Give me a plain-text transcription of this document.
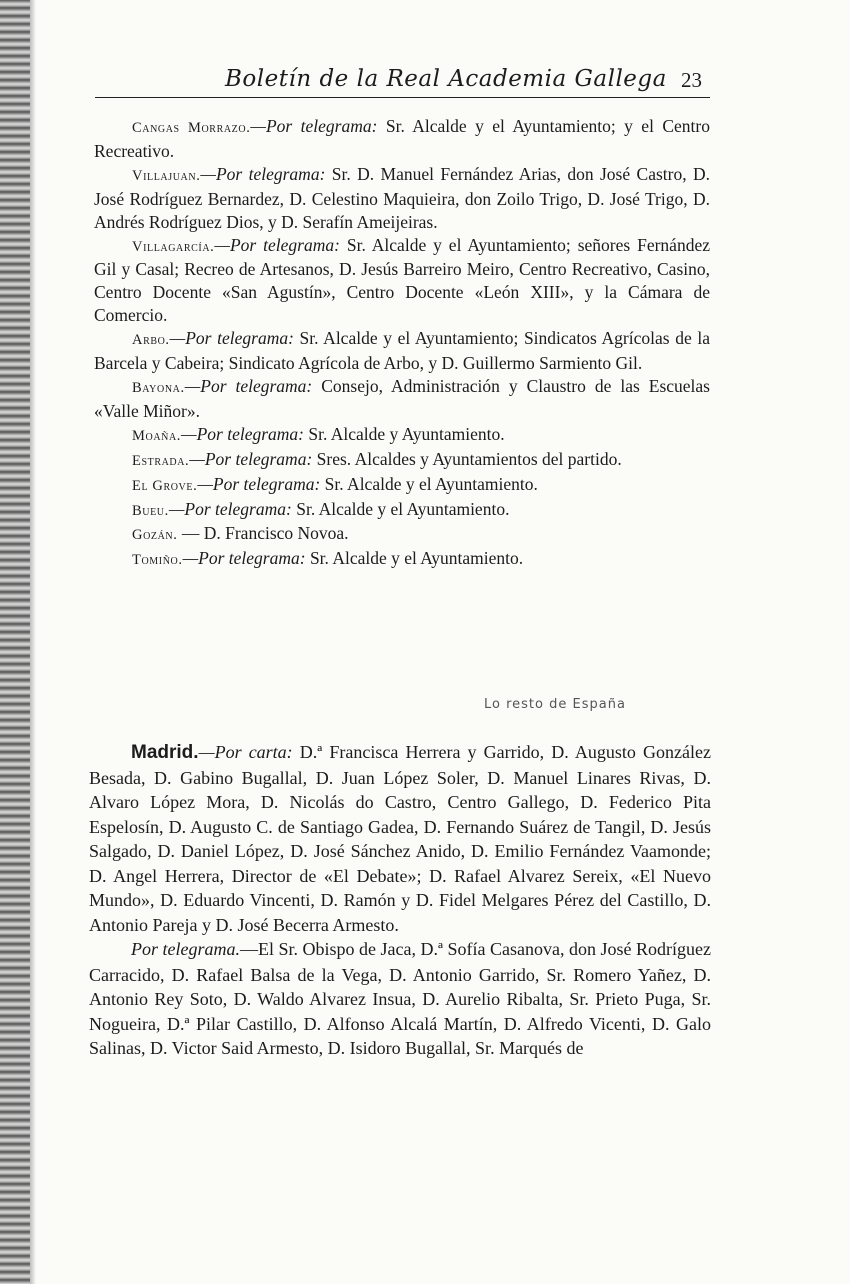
Boletín de la Real Academia Gallega 23

Cangas Morrazo.—Por telegrama: Sr. Alcalde y el Ayuntamiento; y el Centro Recreativo.

Villajuan.—Por telegrama: Sr. D. Manuel Fernández Arias, don José Castro, D. José Rodríguez Bernardez, D. Celestino Maquieira, don Zoilo Trigo, D. José Trigo, D. Andrés Rodríguez Dios, y D. Serafín Ameijeiras.

Villagarcía.—Por telegrama: Sr. Alcalde y el Ayuntamiento; señores Fernández Gil y Casal; Recreo de Artesanos, D. Jesús Barreiro Meiro, Centro Recreativo, Casino, Centro Docente «San Agustín», Centro Docente «León XIII», y la Cámara de Comercio.

Arbo.—Por telegrama: Sr. Alcalde y el Ayuntamiento; Sindicatos Agrícolas de la Barcela y Cabeira; Sindicato Agrícola de Arbo, y D. Guillermo Sarmiento Gil.

Bayona.—Por telegrama: Consejo, Administración y Claustro de las Escuelas «Valle Miñor».

Moaña.—Por telegrama: Sr. Alcalde y Ayuntamiento.

Estrada.—Por telegrama: Sres. Alcaldes y Ayuntamientos del partido.

El Grove.—Por telegrama: Sr. Alcalde y el Ayuntamiento.

Bueu.—Por telegrama: Sr. Alcalde y el Ayuntamiento.

Gozán. — D. Francisco Novoa.

Tomiño.—Por telegrama: Sr. Alcalde y el Ayuntamiento.

Lo resto de España

Madrid.—Por carta: D.ª Francisca Herrera y Garrido, D. Augusto González Besada, D. Gabino Bugallal, D. Juan López Soler, D. Manuel Linares Rivas, D. Alvaro López Mora, D. Nicolás do Castro, Centro Gallego, D. Federico Pita Espelosín, D. Augusto C. de Santiago Gadea, D. Fernando Suárez de Tangil, D. Jesús Salgado, D. Daniel López, D. José Sánchez Anido, D. Emilio Fernández Vaamonde; D. Angel Herrera, Director de «El Debate»; D. Rafael Alvarez Sereix, «El Nuevo Mundo», D. Eduardo Vincenti, D. Ramón y D. Fidel Melgares Pérez del Castillo, D. Antonio Pareja y D. José Becerra Armesto.

Por telegrama.—El Sr. Obispo de Jaca, D.ª Sofía Casanova, don José Rodríguez Carracido, D. Rafael Balsa de la Vega, D. Antonio Garrido, Sr. Romero Yañez, D. Antonio Rey Soto, D. Waldo Alvarez Insua, D. Aurelio Ribalta, Sr. Prieto Puga, Sr. Nogueira, D.ª Pilar Castillo, D. Alfonso Alcalá Martín, D. Alfredo Vicenti, D. Galo Salinas, D. Victor Said Armesto, D. Isidoro Bugallal, Sr. Marqués de
